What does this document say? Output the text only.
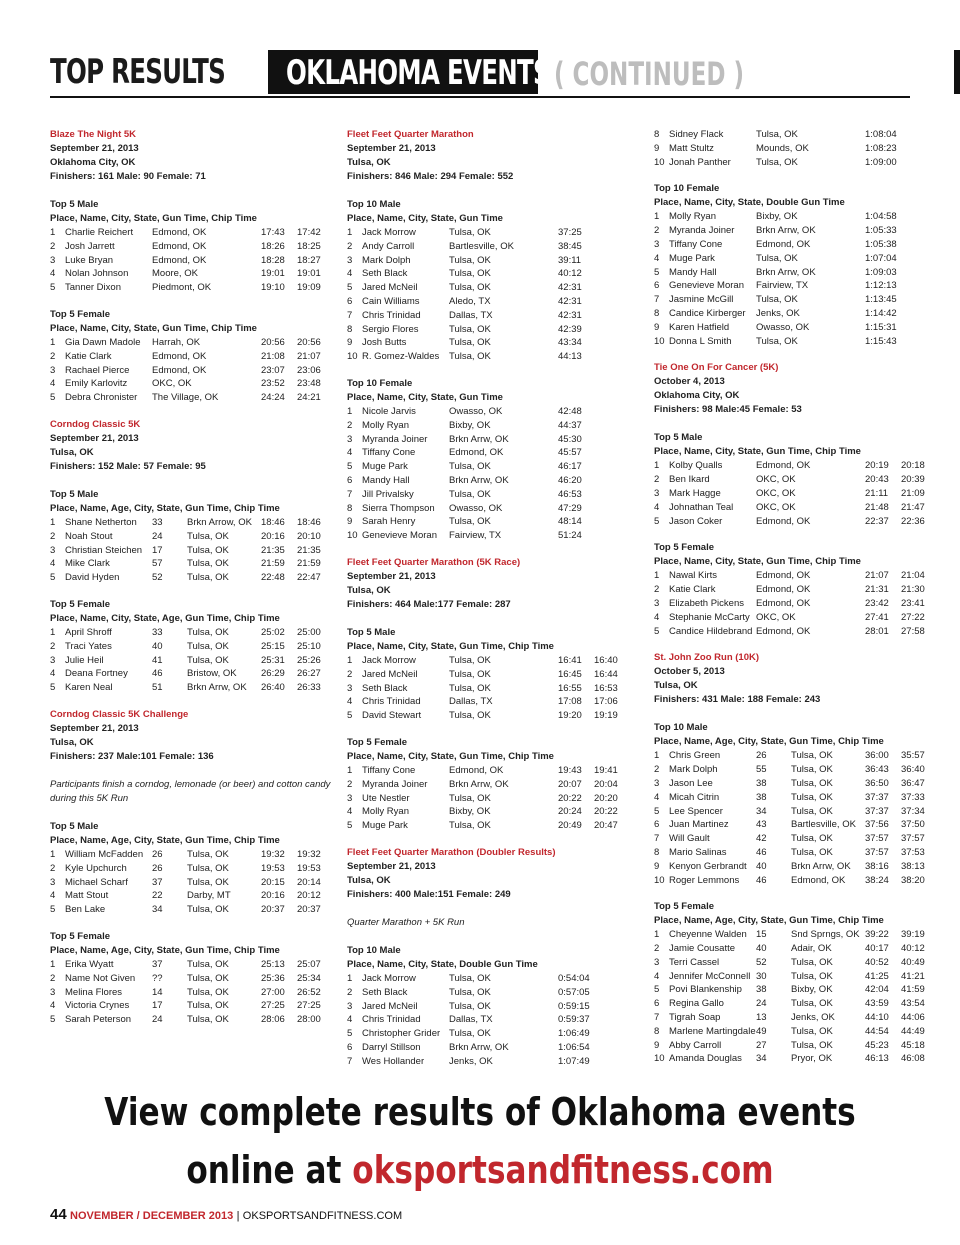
TOP RESULTS OKLAHOMA EVENTS ( CONTINUED )
Blaze The Night 5K
September 21, 2013
Oklahoma City, OK
Finishers: 161 Male: 90 Female: 71
Top 5 Male
Place, Name, City, State, Gun Time, Chip Time
1 Charlie Reichert Edmond, OK	17:43 17:42
2 Josh Jarrett	Edmond, OK	18:26 18:25
3 Luke Bryan	Edmond, OK	18:28 18:27
4 Nolan Johnson Moore, OK	19:01 19:01
5 Tanner Dixon	Piedmont, OK	19:10 19:09
Top 5 Female
Place, Name, City, State, Gun Time, Chip Time
1 Gia Dawn Madole Harrah, OK	20:56 20:56
2 Katie Clark	Edmond, OK	21:08 21:07
3 Rachael Pierce Edmond, OK	23:07 23:06
4 Emily Karlovitz	OKC, OK	23:52 23:48
5 Debra Chronister The Village, OK	24:24 24:21
Corndog Classic 5K
September 21, 2013
Tulsa, OK
Finishers: 152 Male: 57 Female: 95
Top 5 Male
Place, Name, Age, City, State, Gun Time, Chip Time
1 Shane Netherton 33	Brkn Arrow, OK 18:46 18:46
2 Noah Stout	24	Tulsa, OK	20:16 20:10
3 Christian Steichen 17	Tulsa, OK	21:35 21:35
4 Mike Clark	57	Tulsa, OK	21:59 21:59
5 David Hyden	52	Tulsa, OK	22:48 22:47
Top 5 Female
Place, Name, City, State, Age, Gun Time, Chip Time
1 April Shroff	33	Tulsa, OK	25:02 25:00
2 Traci Yates	40	Tulsa, OK	25:15 25:10
3 Julie Heil	41	Tulsa, OK	25:31 25:26
4 Deana Fortney	46	Bristow, OK	26:29 26:27
5 Karen Neal	51	Brkn Arrw, OK 26:40 26:33
Corndog Classic 5K Challenge
September 21, 2013
Tulsa, OK
Finishers: 237 Male:101 Female: 136
Participants finish a corndog, lemonade (or beer) and cotton candy during this 5K Run
Top 5 Male
Place, Name, Age, City, State, Gun Time, Chip Time
1 William McFadden 26	Tulsa, OK	19:32 19:32
2 Kyle Upchurch	26	Tulsa, OK	19:53 19:53
3 Michael Scharf	37	Tulsa, OK	20:15 20:14
4 Matt Stout	22	Darby, MT	20:16 20:12
5 Ben Lake	34	Tulsa, OK	20:37 20:37
Top 5 Female
Place, Name, Age, City, State, Gun Time, Chip Time
1 Erika Wyatt	37	Tulsa, OK	25:13 25:07
2 Name Not Given ??	Tulsa, OK	25:36 25:34
3 Melina Flores	14	Tulsa, OK	27:00 26:52
4 Victoria Crynes 17	Tulsa, OK	27:25 27:25
5 Sarah Peterson 24	Tulsa, OK	28:06 28:00
Fleet Feet Quarter Marathon
September 21, 2013
Tulsa, OK
Finishers: 846 Male: 294 Female: 552
Top 10 Male
Place, Name, City, State, Gun Time
1 Jack Morrow	Tulsa, OK	37:25
2 Andy Carroll	Bartlesville, OK	38:45
3 Mark Dolph	Tulsa, OK	39:11
4 Seth Black	Tulsa, OK	40:12
5 Jared McNeil	Tulsa, OK	42:31
6 Cain Williams	Aledo, TX	42:31
7 Chris Trinidad	Dallas, TX	42:31
8 Sergio Flores	Tulsa, OK	42:39
9 Josh Butts	Tulsa, OK	43:34
10 R. Gomez-Waldes Tulsa, OK	44:13
Top 10 Female
Place, Name, City, State, Gun Time
1 Nicole Jarvis	Owasso, OK	42:48
2 Molly Ryan	Bixby, OK	44:37
3 Myranda Joiner Brkn Arrw, OK	45:30
4 Tiffany Cone	Edmond, OK	45:57
5 Muge Park	Tulsa, OK	46:17
6 Mandy Hall	Brkn Arrw, OK	46:20
7 Jill Privalsky	Tulsa, OK	46:53
8 Sierra Thompson Owasso, OK	47:29
9 Sarah Henry	Tulsa, OK	48:14
10 Genevieve Moran Fairview, TX	51:24
Fleet Feet Quarter Marathon (5K Race)
September 21, 2013
Tulsa, OK
Finishers: 464 Male:177 Female: 287
Top 5 Male
Place, Name, City, State, Gun Time, Chip Time
1 Jack Morrow	Tulsa, OK	16:41 16:40
2 Jared McNeil	Tulsa, OK	16:45 16:44
3 Seth Black	Tulsa, OK	16:55 16:53
4 Chris Trinidad	Dallas, TX	17:08 17:06
5 David Stewart	Tulsa, OK	19:20 19:19
Top 5 Female
Place, Name, City, State, Gun Time, Chip Time
1 Tiffany Cone	Edmond, OK	19:43 19:41
2 Myranda Joiner Brkn Arrw, OK	20:07 20:04
3 Ute Nestler	Tulsa, OK	20:22 20:20
4 Molly Ryan	Bixby, OK	20:24 20:22
5 Muge Park	Tulsa, OK	20:49 20:47
Fleet Feet Quarter Marathon (Doubler Results)
September 21, 2013
Tulsa, OK
Finishers: 400 Male:151 Female: 249
Quarter Marathon + 5K Run
Top 10 Male
Place, Name, City, State, Double Gun Time
1 Jack Morrow	Tulsa, OK	0:54:04
2 Seth Black	Tulsa, OK	0:57:05
3 Jared McNeil	Tulsa, OK	0:59:15
4 Chris Trinidad	Dallas, TX	0:59:37
5 Christopher Grider Tulsa, OK	1:06:49
6 Darryl Stillson	Brkn Arrw, OK	1:06:54
7 Wes Hollander	Jenks, OK	1:07:49
8 Sidney Flack	Tulsa, OK	1:08:04
9 Matt Stultz	Mounds, OK	1:08:23
10 Jonah Panther	Tulsa, OK	1:09:00
Top 10 Female
Place, Name, City, State, Double Gun Time
1 Molly Ryan	Bixby, OK	1:04:58
2 Myranda Joiner Brkn Arrw, OK	1:05:33
3 Tiffany Cone	Edmond, OK	1:05:38
4 Muge Park	Tulsa, OK	1:07:04
5 Mandy Hall	Brkn Arrw, OK	1:09:03
6 Genevieve Moran Fairview, TX	1:12:13
7 Jasmine McGill Tulsa, OK	1:13:45
8 Candice Kirberger Jenks, OK	1:14:42
9 Karen Hatfield	Owasso, OK	1:15:31
10 Donna L Smith	Tulsa, OK	1:15:43
Tie One On For Cancer (5K)
October 4, 2013
Oklahoma City, OK
Finishers: 98 Male:45 Female: 53
Top 5 Male
Place, Name, City, State, Gun Time, Chip Time
1 Kolby Qualls	Edmond, OK	20:19 20:18
2 Ben Ikard	OKC, OK	20:43 20:39
3 Mark Hagge	OKC, OK	21:11 21:09
4 Johnathan Teal OKC, OK	21:48 21:47
5 Jason Coker	Edmond, OK	22:37 22:36
Top 5 Female
Place, Name, City, State, Gun Time, Chip Time
1 Nawal Kirts	Edmond, OK	21:07 21:04
2 Katie Clark	Edmond, OK	21:31 21:30
3 Elizabeth Pickens Edmond, OK	23:42 23:41
4 Stephanie McCarty OKC, OK	27:41 27:22
5 Candice Hildebrand Edmond, OK	28:01 27:58
St. John Zoo Run (10K)
October 5, 2013
Tulsa, OK
Finishers: 431 Male: 188 Female: 243
Top 10 Male
Place, Name, Age, City, State, Gun Time, Chip Time
1 Chris Green	26	Tulsa, OK	36:00 35:57
2 Mark Dolph	55	Tulsa, OK	36:43 36:40
3 Jason Lee	38	Tulsa, OK	36:50 36:47
4 Micah Citrin	38	Tulsa, OK	37:37 37:33
5 Lee Spencer	34	Tulsa, OK	37:37 37:34
6 Juan Martinez	43	Bartlesville, OK 37:56 37:50
7 Will Gault	42	Tulsa, OK	37:57 37:57
8 Mario Salinas	46	Tulsa, OK	37:57 37:53
9 Kenyon Gerbrandt 40	Brkn Arrw, OK 38:16 38:13
10 Roger Lemmons 46	Edmond, OK 38:24 38:20
Top 5 Female
Place, Name, Age, City, State, Gun Time, Chip Time
1 Cheyenne Walden 15	Snd Sprngs, OK 39:22 39:19
2 Jamie Cousatte 40	Adair, OK	40:17 40:12
3 Terri Cassel	52	Tulsa, OK	40:52 40:49
4 Jennifer McConnell 30	Tulsa, OK	41:25 41:21
5 Povi Blankenship 38	Bixby, OK	42:04 41:59
6 Regina Gallo	24	Tulsa, OK	43:59 43:54
7 Tigrah Soap	13	Jenks, OK	44:10 44:06
8 Marlene Martingdale 49	Tulsa, OK	44:54 44:49
9 Abby Carroll	27	Tulsa, OK	45:23 45:18
10 Amanda Douglas 34	Pryor, OK	46:13 46:08
View complete results of Oklahoma events
online at oksportsandfitness.com
44 NOVEMBER / DECEMBER 2013 | OKSPORTSANDFITNESS.COM
